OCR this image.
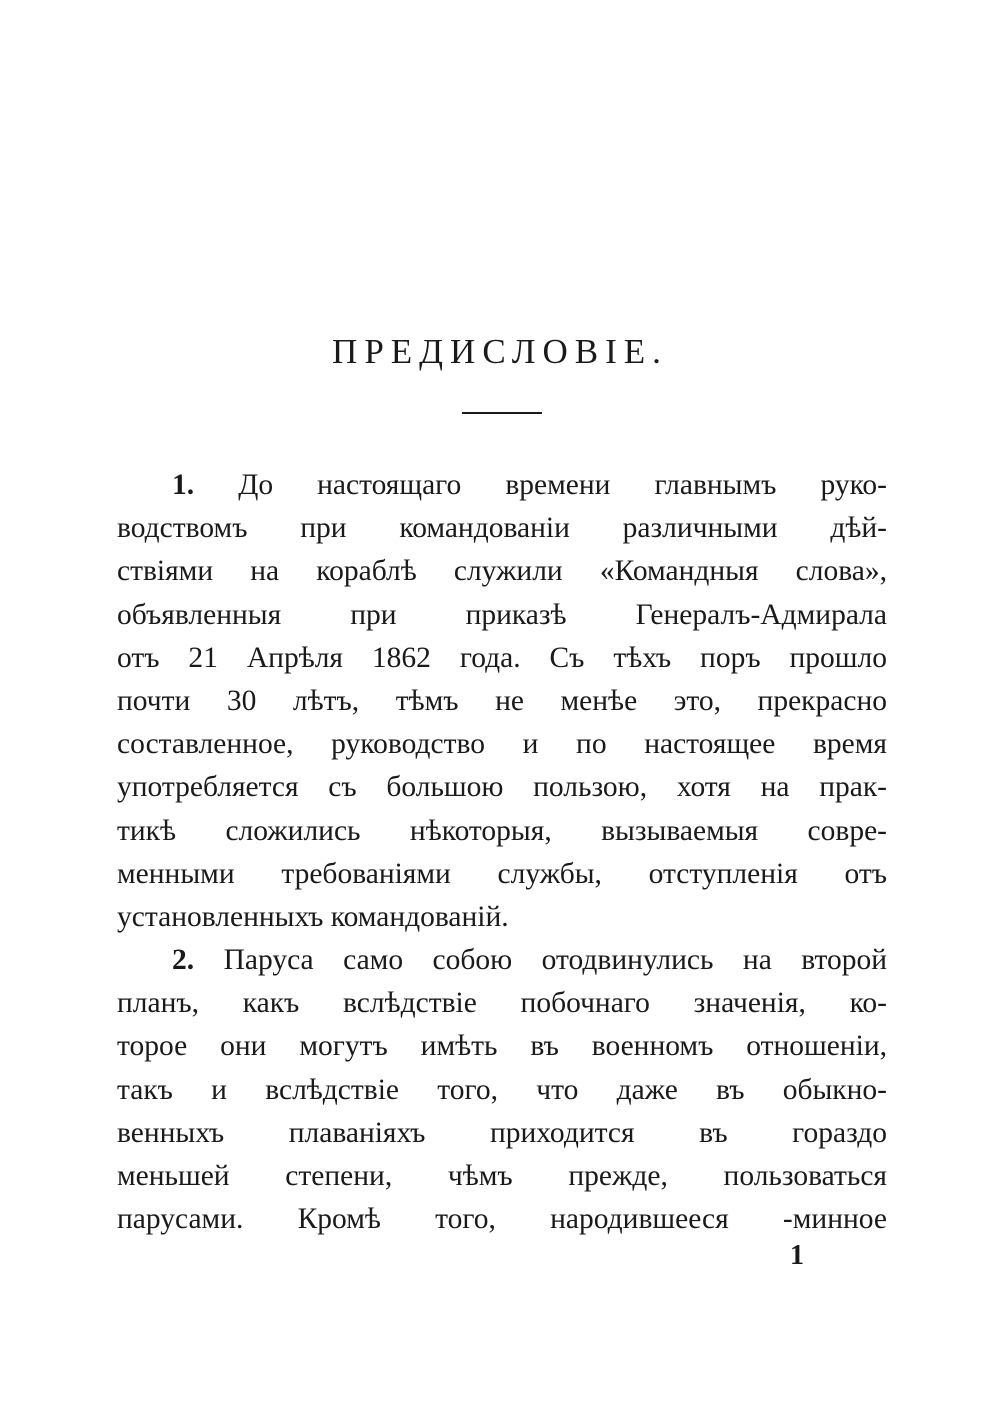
ПРЕДИСЛОВІЕ.
1. До настоящаго времени главнымъ руко-
водствомъ при командованіи различными дѣй-
ствіями на кораблѣ служили «Командныя слова»,
объявленныя при приказѣ Генералъ-Адмирала
отъ 21 Апрѣля 1862 года. Съ тѣхъ поръ прошло
почти 30 лѣтъ, тѣмъ не менѣе это, прекрасно
составленное, руководство и по настоящее время
употребляется съ большою пользою, хотя на прак-
тикѣ сложились нѣкоторыя, вызываемыя совре-
менными требованіями службы, отступленія отъ
установленныхъ командованій.
2. Паруса само собою отодвинулись на второй
планъ, какъ вслѣдствіе побочнаго значенія, ко-
торое они могутъ имѣть въ военномъ отношеніи,
такъ и вслѣдствіе того, что даже въ обыкно-
венныхъ плаваніяхъ приходится въ гораздо
меньшей степени, чѣмъ прежде, пользоваться
парусами. Кромѣ того, народившееся -минное
1
